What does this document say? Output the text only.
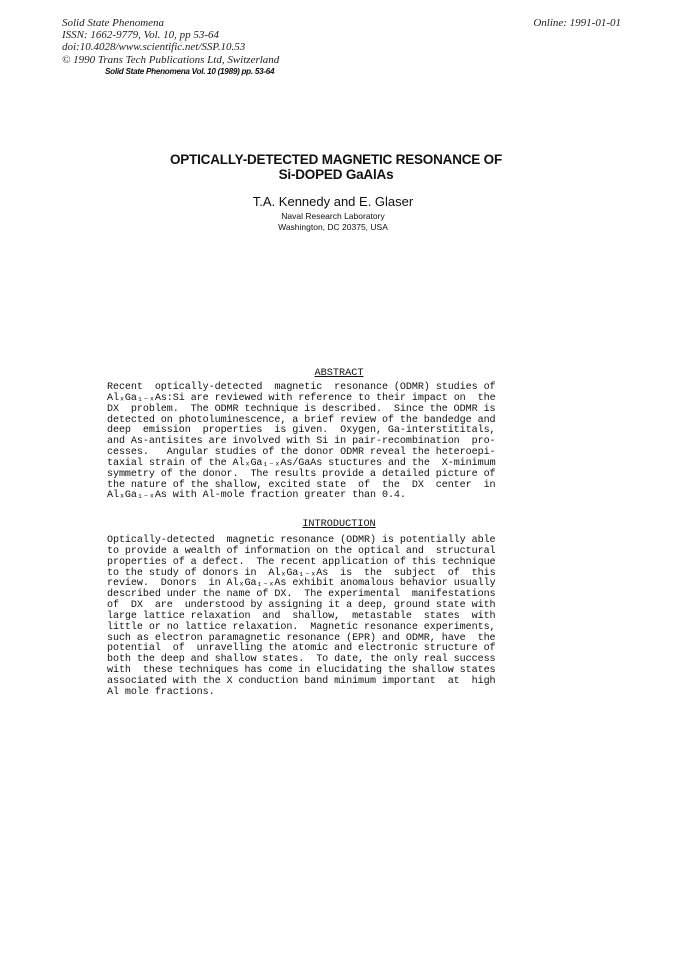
Solid State Phenomena
ISSN: 1662-9779, Vol. 10, pp 53-64
doi:10.4028/www.scientific.net/SSP.10.53
© 1990 Trans Tech Publications Ltd, Switzerland
Online: 1991-01-01
Solid State Phenomena Vol. 10 (1989) pp. 53-64
OPTICALLY-DETECTED MAGNETIC RESONANCE OF
Si-DOPED GaAlAs
T.A. Kennedy and E. Glaser
Naval Research Laboratory
Washington, DC 20375, USA
ABSTRACT
Recent  optically-detected  magnetic  resonance (ODMR) studies of
AlₓGa₁₋ₓAs:Si are reviewed with reference to their impact on  the
DX  problem.  The ODMR technique is described.  Since the ODMR is
detected on photoluminescence, a brief review of the bandedge and
deep  emission  properties  is given.  Oxygen, Ga-interstititals,
and As-antisites are involved with Si in pair-recombination  pro-
cesses.   Angular studies of the donor ODMR reveal the heteroepi-
taxial strain of the AlₓGa₁₋ₓAs/GaAs stuctures and the  X-minimum
symmetry of the donor.  The results provide a detailed picture of
the nature of the shallow, excited state  of  the  DX  center  in
AlₓGa₁₋ₓAs with Al-mole fraction greater than 0.4.
INTRODUCTION
Optically-detected  magnetic resonance (ODMR) is potentially able
to provide a wealth of information on the optical and  structural
properties of a defect.  The recent application of this technique
to the study of donors in  AlₓGa₁₋ₓAs  is  the  subject  of  this
review.  Donors  in AlₓGa₁₋ₓAs exhibit anomalous behavior usually
described under the name of DX.  The experimental  manifestations
of  DX  are  understood by assigning it a deep, ground state with
large lattice relaxation  and  shallow,  metastable  states  with
little or no lattice relaxation.  Magnetic resonance experiments,
such as electron paramagnetic resonance (EPR) and ODMR, have  the
potential  of  unravelling the atomic and electronic structure of
both the deep and shallow states.  To date, the only real success
with  these techniques has come in elucidating the shallow states
associated with the X conduction band minimum important  at  high
Al mole fractions.
